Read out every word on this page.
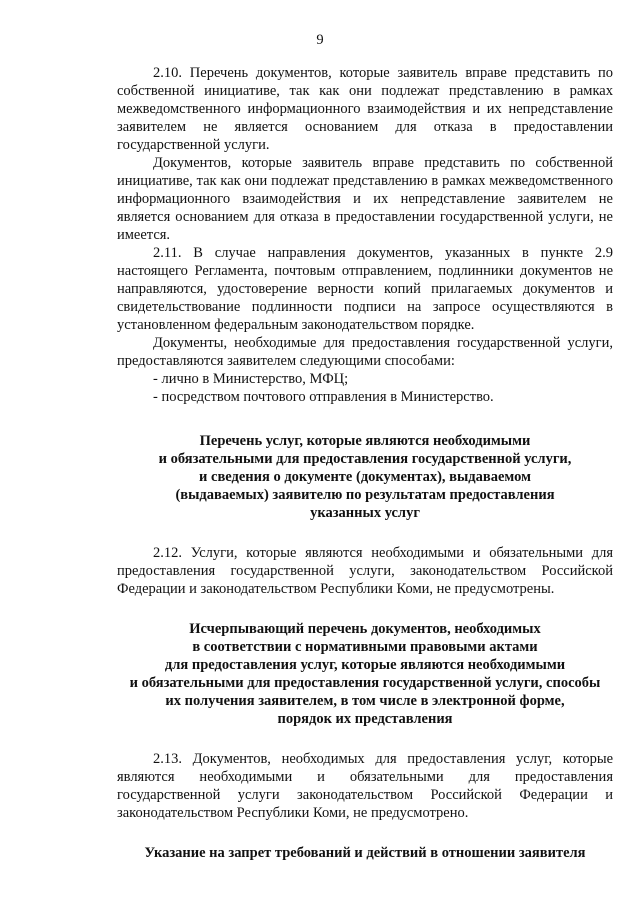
9

2.10. Перечень документов, которые заявитель вправе представить по собственной инициативе, так как они подлежат представлению в рамках межведомственного информационного взаимодействия и их непредставление заявителем не является основанием для отказа в предоставлении государственной услуги.

Документов, которые заявитель вправе представить по собственной инициативе, так как они подлежат представлению в рамках межведомственного информационного взаимодействия и их непредставление заявителем не является основанием для отказа в предоставлении государственной услуги, не имеется.

2.11. В случае направления документов, указанных в пункте 2.9 настоящего Регламента, почтовым отправлением, подлинники документов не направляются, удостоверение верности копий прилагаемых документов и свидетельствование подлинности подписи на запросе осуществляются в установленном федеральным законодательством порядке.

Документы, необходимые для предоставления государственной услуги, предоставляются заявителем следующими способами:

- лично в Министерство, МФЦ;

- посредством почтового отправления в Министерство.

Перечень услуг, которые являются необходимыми
и обязательными для предоставления государственной услуги,
и сведения о документе (документах), выдаваемом
(выдаваемых) заявителю по результатам предоставления
указанных услуг

2.12. Услуги, которые являются необходимыми и обязательными для предоставления государственной услуги, законодательством Российской Федерации и законодательством Республики Коми, не предусмотрены.

Исчерпывающий перечень документов, необходимых
в соответствии с нормативными правовыми актами
для предоставления услуг, которые являются необходимыми
и обязательными для предоставления государственной услуги, способы
их получения заявителем, в том числе в электронной форме,
порядок их представления

2.13. Документов, необходимых для предоставления услуг, которые являются необходимыми и обязательными для предоставления государственной услуги законодательством Российской Федерации и законодательством Республики Коми, не предусмотрено.

Указание на запрет требований и действий в отношении заявителя
